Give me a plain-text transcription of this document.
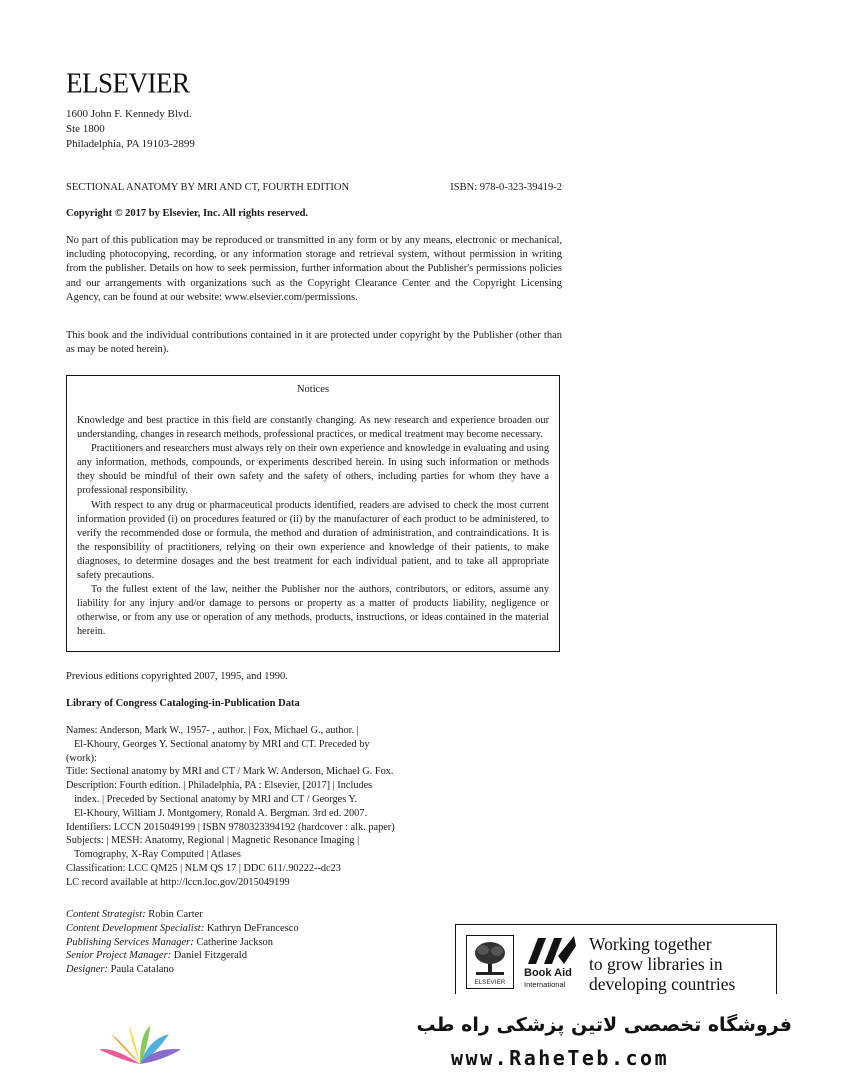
ELSEVIER
1600 John F. Kennedy Blvd.
Ste 1800
Philadelphia, PA 19103-2899
SECTIONAL ANATOMY BY MRI AND CT, FOURTH EDITION	ISBN: 978-0-323-39419-2
Copyright © 2017 by Elsevier, Inc. All rights reserved.
No part of this publication may be reproduced or transmitted in any form or by any means, electronic or mechanical, including photocopying, recording, or any information storage and retrieval system, without permission in writing from the publisher. Details on how to seek permission, further information about the Publisher's permissions policies and our arrangements with organizations such as the Copyright Clearance Center and the Copyright Licensing Agency, can be found at our website: www.elsevier.com/permissions.
This book and the individual contributions contained in it are protected under copyright by the Publisher (other than as may be noted herein).
Notices

Knowledge and best practice in this field are constantly changing. As new research and experience broaden our understanding, changes in research methods, professional practices, or medical treatment may become necessary.

Practitioners and researchers must always rely on their own experience and knowledge in evaluating and using any information, methods, compounds, or experiments described herein. In using such information or methods they should be mindful of their own safety and the safety of others, including parties for whom they have a professional responsibility.

With respect to any drug or pharmaceutical products identified, readers are advised to check the most current information provided (i) on procedures featured or (ii) by the manufacturer of each product to be administered, to verify the recommended dose or formula, the method and duration of administration, and contraindications. It is the responsibility of practitioners, relying on their own experience and knowledge of their patients, to make diagnoses, to determine dosages and the best treatment for each individual patient, and to take all appropriate safety precautions.

To the fullest extent of the law, neither the Publisher nor the authors, contributors, or editors, assume any liability for any injury and/or damage to persons or property as a matter of products liability, negligence or otherwise, or from any use or operation of any methods, products, instructions, or ideas contained in the material herein.

Previous editions copyrighted 2007, 1995, and 1990.
Library of Congress Cataloging-in-Publication Data
Names: Anderson, Mark W., 1957- , author. | Fox, Michael G., author. |
El-Khoury, Georges Y. Sectional anatomy by MRI and CT. Preceded by
(work):
Title: Sectional anatomy by MRI and CT / Mark W. Anderson, Michael G. Fox.
Description: Fourth edition. | Philadelphia, PA : Elsevier, [2017] | Includes
index. | Preceded by Sectional anatomy by MRI and CT / Georges Y.
El-Khoury, William J. Montgomery, Ronald A. Bergman. 3rd ed. 2007.
Identifiers: LCCN 2015049199 | ISBN 9780323394192 (hardcover : alk. paper)
Subjects: | MESH: Anatomy, Regional | Magnetic Resonance Imaging |
Tomography, X-Ray Computed | Atlases
Classification: LCC QM25 | NLM QS 17 | DDC 611/.90222--dc23
LC record available at http://lccn.loc.gov/2015049199
Content Strategist: Robin Carter
Content Development Specialist: Kathryn DeFrancesco
Publishing Services Manager: Catherine Jackson
Senior Project Manager: Daniel Fitzgerald
Designer: Paula Catalano
ELSEVIER
Book Aid
International
Working together
to grow libraries in
developing countries
فروشگاه تخصصی لاتین پزشکی راه طب
www.RaheTeb.com
